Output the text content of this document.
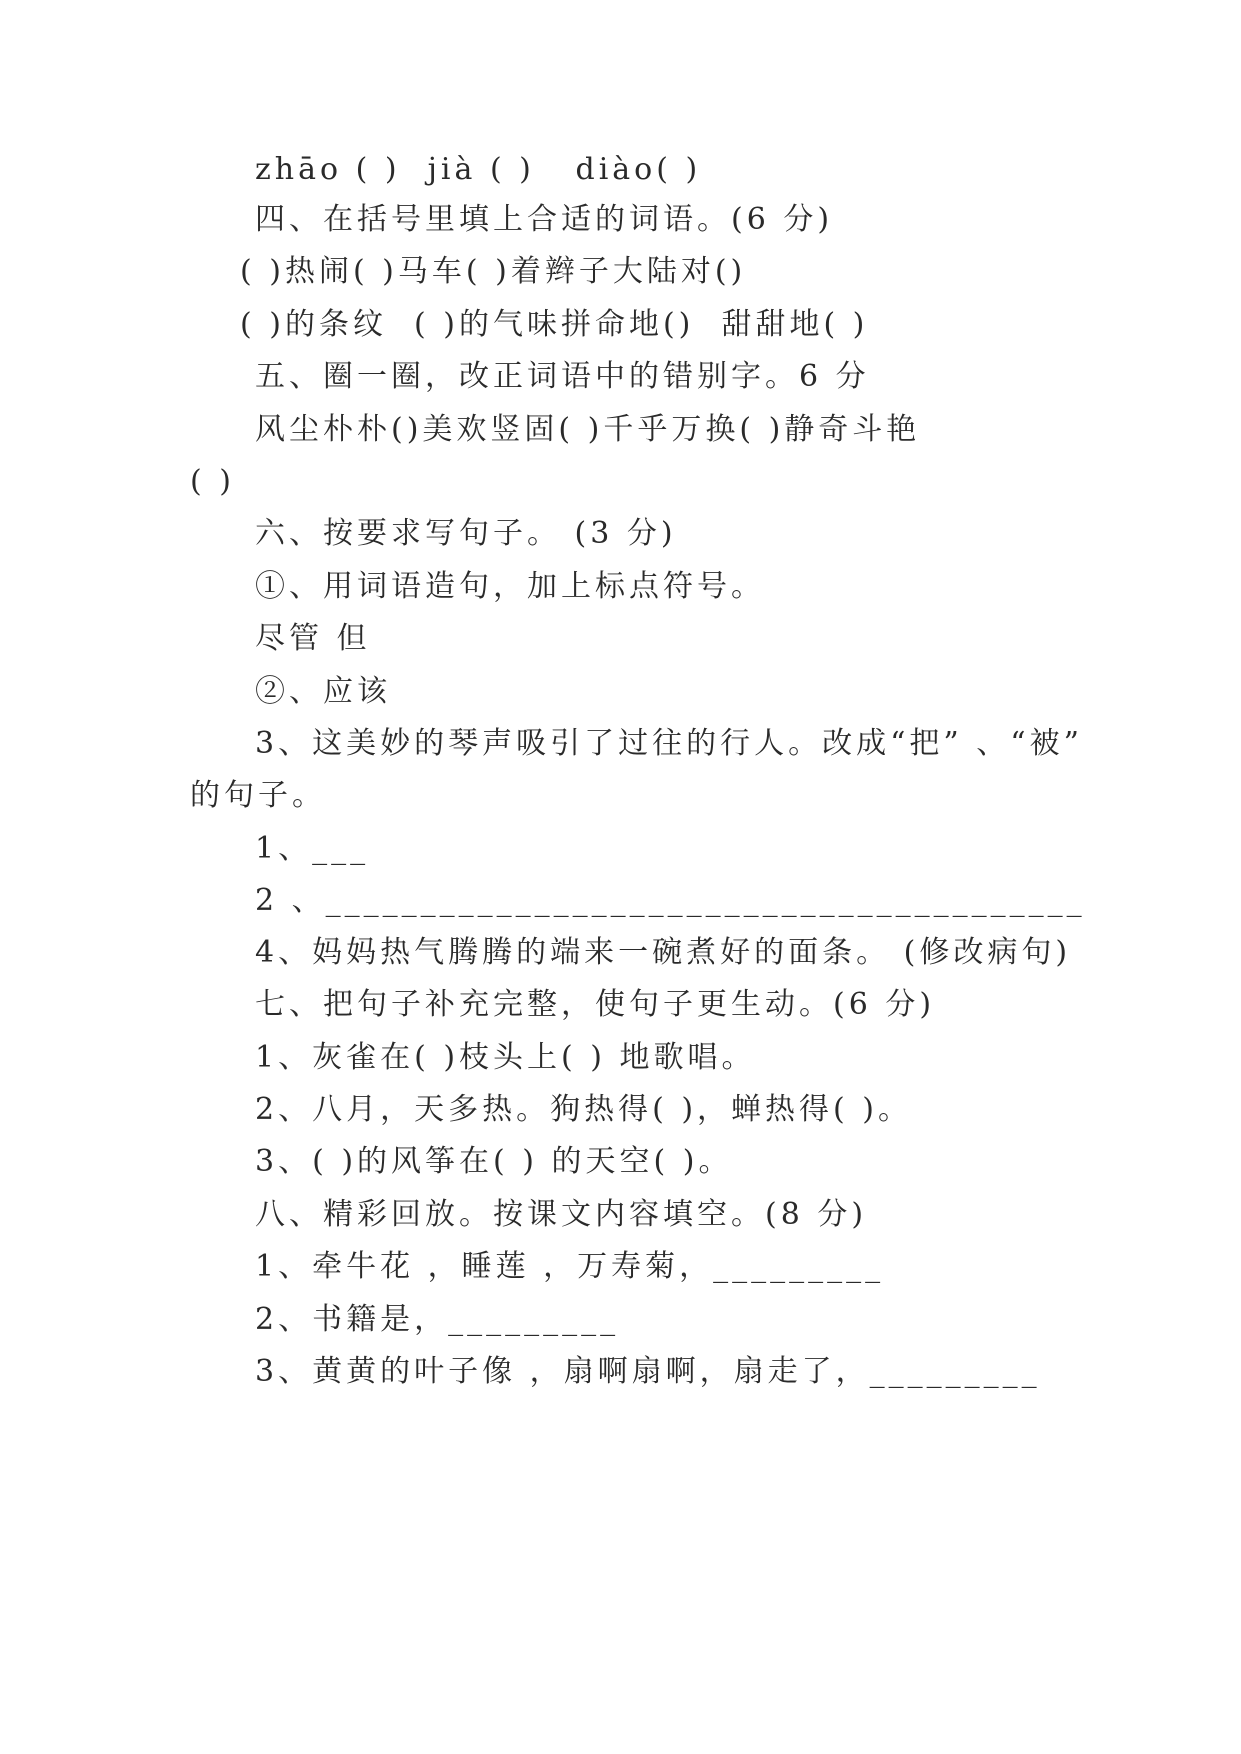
zhāo ( )  jià ( )   diào( )
四、在括号里填上合适的词语。(6 分)
( )热闹( )马车( )着辫子大陆对()
( )的条纹  ( )的气味拼命地()  甜甜地( )
五、圈一圈，改正词语中的错别字。6 分
风尘朴朴()美欢竖固( )千乎万换( )静奇斗艳
( )
六、按要求写句子。 (3 分)
①、用词语造句，加上标点符号。
尽管 但
②、应该
3、这美妙的琴声吸引了过往的行人。改成“把” 、“被”
的句子。
1、___
2 、________________________________________
4、妈妈热气腾腾的端来一碗煮好的面条。 (修改病句)
七、把句子补充完整，使句子更生动。(6 分)
1、灰雀在( )枝头上( ) 地歌唱。
2、八月，天多热。狗热得( )，蝉热得( )。
3、( )的风筝在( ) 的天空( )。
八、精彩回放。按课文内容填空。(8 分)
1、牵牛花 ，睡莲 ，万寿菊，_________
2、书籍是，_________
3、黄黄的叶子像 ，扇啊扇啊，扇走了，_________
